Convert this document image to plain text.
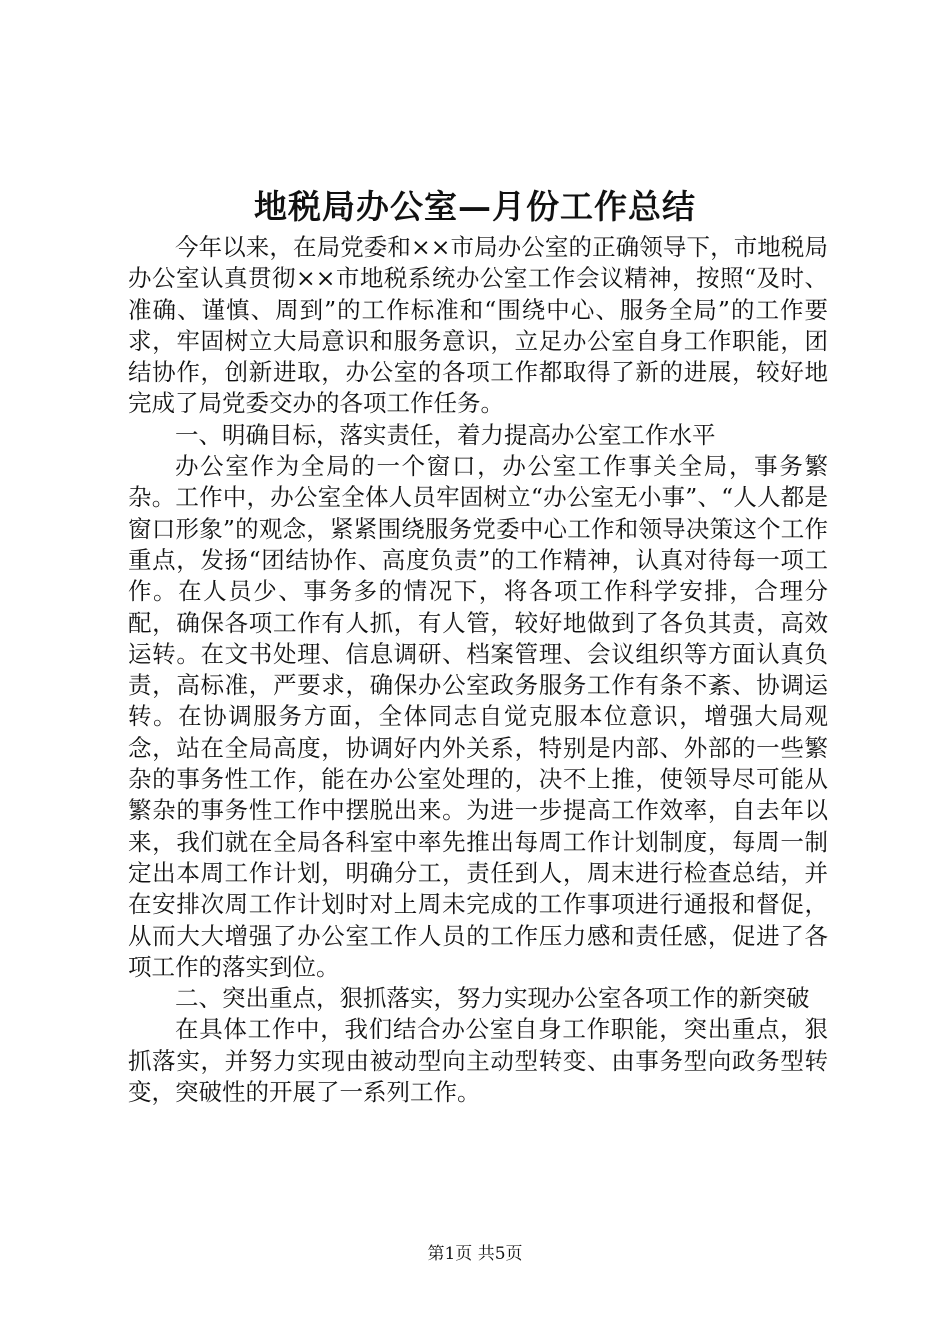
地税局办公室—月份工作总结

今年以来，在局党委和××市局办公室的正确领导下，市地税局办公室认真贯彻××市地税系统办公室工作会议精神，按照“及时、准确、谨慎、周到”的工作标准和“围绕中心、服务全局”的工作要求，牢固树立大局意识和服务意识，立足办公室自身工作职能，团结协作，创新进取，办公室的各项工作都取得了新的进展，较好地完成了局党委交办的各项工作任务。

一、明确目标，落实责任，着力提高办公室工作水平

办公室作为全局的一个窗口，办公室工作事关全局，事务繁杂。工作中，办公室全体人员牢固树立“办公室无小事”、“人人都是窗口形象”的观念，紧紧围绕服务党委中心工作和领导决策这个工作重点，发扬“团结协作、高度负责”的工作精神，认真对待每一项工作。在人员少、事务多的情况下，将各项工作科学安排，合理分配，确保各项工作有人抓，有人管，较好地做到了各负其责，高效运转。在文书处理、信息调研、档案管理、会议组织等方面认真负责，高标准，严要求，确保办公室政务服务工作有条不紊、协调运转。在协调服务方面，全体同志自觉克服本位意识，增强大局观念，站在全局高度，协调好内外关系，特别是内部、外部的一些繁杂的事务性工作，能在办公室处理的，决不上推，使领导尽可能从繁杂的事务性工作中摆脱出来。为进一步提高工作效率，自去年以来，我们就在全局各科室中率先推出每周工作计划制度，每周一制定出本周工作计划，明确分工，责任到人，周末进行检查总结，并在安排次周工作计划时对上周未完成的工作事项进行通报和督促，从而大大增强了办公室工作人员的工作压力感和责任感，促进了各项工作的落实到位。

二、突出重点，狠抓落实，努力实现办公室各项工作的新突破

在具体工作中，我们结合办公室自身工作职能，突出重点，狠抓落实，并努力实现由被动型向主动型转变、由事务型向政务型转变，突破性的开展了一系列工作。

第1页 共5页
